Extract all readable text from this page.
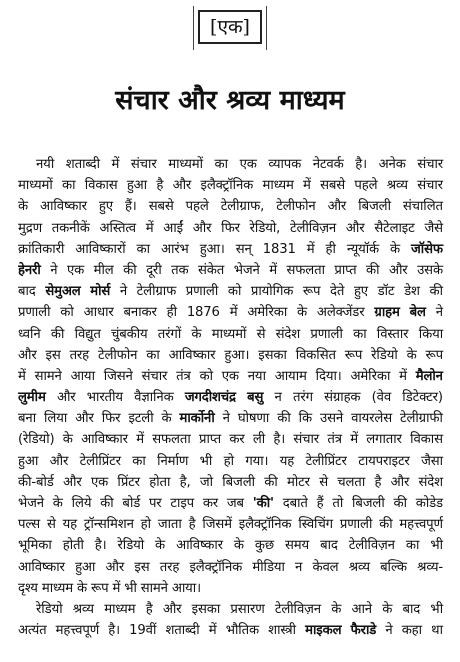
[एक]
संचार और श्रव्य माध्यम
नयी शताब्दी में संचार माध्यमों का एक व्यापक नेटवर्क है। अनेक संचार
माध्यमों का विकास हुआ है और इलैक्ट्रॉनिक माध्यम में सबसे पहले श्रव्य संचार
के आविष्कार हुए हैं। सबसे पहले टेलीग्राफ, टेलीफोन और बिजली संचालित
मुद्रण तकनीकें अस्तित्व में आईं और फिर रेडियो, टेलीविज़न और सैटेलाइट जैसे
क्रांतिकारी आविष्कारों का आरंभ हुआ। सन् 1831 में ही न्यूयॉर्क के जॉसेफ
हेनरी ने एक मील की दूरी तक संकेत भेजने में सफलता प्राप्त की और उसके
बाद सेमुअल मोर्स ने टेलीग्राफ प्रणाली को प्रायोगिक रूप देते हुए डॉट डेश की
प्रणाली को आधार बनाकर ही 1876 में अमेरिका के अलेक्जेंडर ग्राहम बेल ने
ध्वनि की विद्युत चुंबकीय तरंगों के माध्यमों से संदेश प्रणाली का विस्तार किया
और इस तरह टेलीफोन का आविष्कार हुआ। इसका विकसित रूप रेडियो के रूप
में सामने आया जिसने संचार तंत्र को एक नया आयाम दिया। अमेरिका में मैलोन
लुमीम और भारतीय वैज्ञानिक जगदीशचंद्र बसु न तरंग संग्राहक (वेव डिटेक्टर)
बना लिया और फिर इटली के मार्कोनी ने घोषणा की कि उसने वायरलेस टेलीग्राफी
(रेडियो) के आविष्कार में सफलता प्राप्त कर ली है। संचार तंत्र में लगातार विकास
हुआ और टेलीप्रिंटर का निर्माण भी हो गया। यह टेलीप्रिंटर टायपराइटर जैसा
की-बोर्ड और एक प्रिंटर होता है, जो बिजली की मोटर से चलता है और संदेश
भेजने के लिये की बोर्ड पर टाइप कर जब 'की' दबाते हैं तो बिजली की कोडेड
पल्स से यह ट्रॉन्समिशन हो जाता है जिसमें इलैक्ट्रॉनिक स्विचिंग प्रणाली की महत्त्वपूर्ण
भूमिका होती है। रेडियो के आविष्कार के कुछ समय बाद टेलीविज़न का भी
आविष्कार हुआ और इस तरह इलैक्ट्रॉनिक मीडिया न केवल श्रव्य बल्कि श्रव्य-
दृश्य माध्यम के रूप में भी सामने आया।
रेडियो श्रव्य माध्यम है और इसका प्रसारण टेलीविज़न के आने के बाद भी
अत्यंत महत्त्वपूर्ण है। 19वीं शताब्दी में भौतिक शास्त्री माइकल फैराडे ने कहा था
